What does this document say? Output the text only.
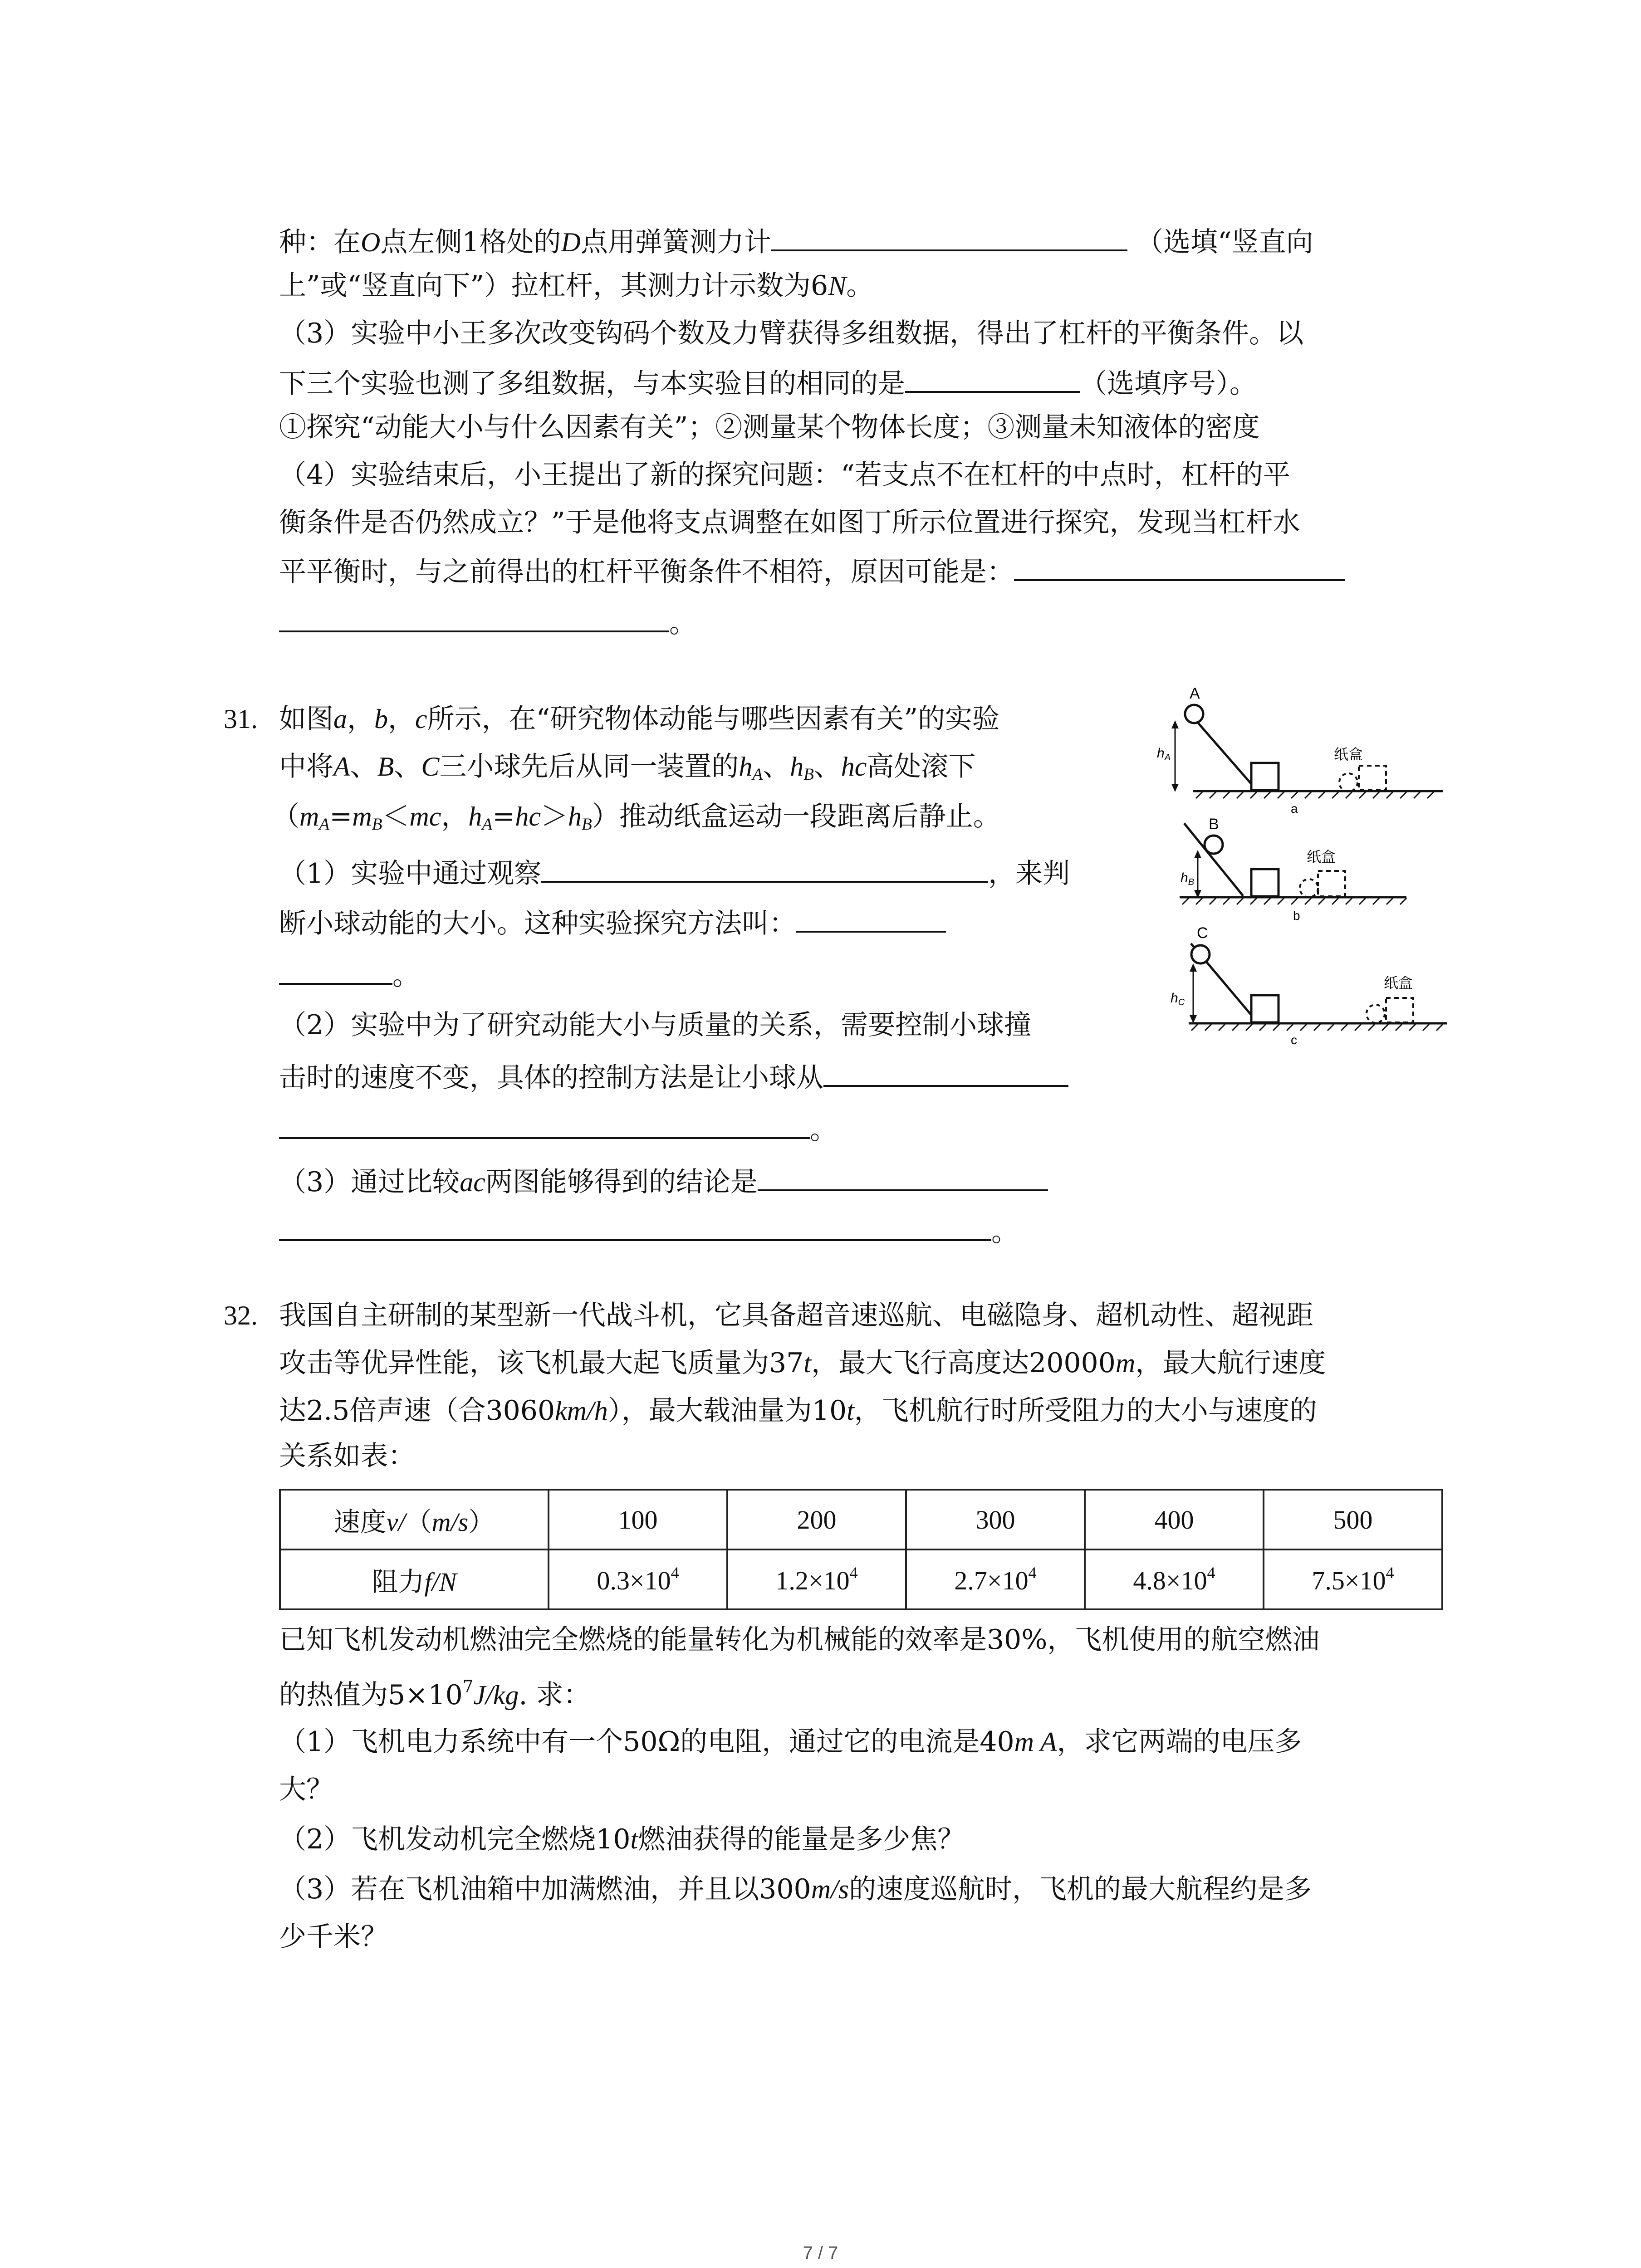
种：在O点左侧1格处的D点用弹簧测力计	（选填“竖直向
上”或“竖直向下”）拉杠杆，其测力计示数为6N。
（3）实验中小王多次改变钩码个数及力臂获得多组数据，得出了杠杆的平衡条件。以
下三个实验也测了多组数据，与本实验目的相同的是	（选填序号）。
①探究“动能大小与什么因素有关”；②测量某个物体长度；③测量未知液体的密度
（4）实验结束后，小王提出了新的探究问题：“若支点不在杠杆的中点时，杠杆的平
衡条件是否仍然成立？”于是他将支点调整在如图丁所示位置进行探究，发现当杠杆水
平平衡时，与之前得出的杠杆平衡条件不相符，原因可能是：
。
31. 如图a，b，c所示，在“研究物体动能与哪些因素有关”的实验
中将A、B、C三小球先后从同一装置的$h_A$、$h_B$、hc高处滚下
（$m_A=m_B<mc$，$h_A=hc>h_B$）推动纸盒运动一段距离后静止。
（1）实验中通过观察	，来判
断小球动能的大小。这种实验探究方法叫：
。
（2）实验中为了研究动能大小与质量的关系，需要控制小球撞
击时的速度不变，具体的控制方法是让小球从
。
（3）通过比较ac两图能够得到的结论是
。
A
$h_A$	纸盒
a
B
$h_B$
纸盒
b
C
$h_C$
纸盒
c
32. 我国自主研制的某型新一代战斗机，它具备超音速巡航、电磁隐身、超机动性、超视距
攻击等优异性能，该飞机最大起飞质量为37t，最大飞行高度达20000m，最大航行速度
达2.5倍声速（合3060km/h），最大载油量为10t，飞机航行时所受阻力的大小与速度的
关系如表：
速度v/（m/s）	100	200	300	400	500
阻力f/N	$0.3\times 10^4$	$1.2\times 10^4$	$2.7\times 10^4$	$4.8\times 10^4$	$7.5\times 10^4$
已知飞机发动机燃油完全燃烧的能量转化为机械能的效率是30%，飞机使用的航空燃油
的热值为$5\times 10^7J/kg$. 求：
（1）飞机电力系统中有一个50Ω的电阻，通过它的电流是40m A，求它两端的电压多
大？
（2）飞机发动机完全燃烧10t燃油获得的能量是多少焦？
（3）若在飞机油箱中加满燃油，并且以300m/s的速度巡航时，飞机的最大航程约是多
少千米？
7 / 7
